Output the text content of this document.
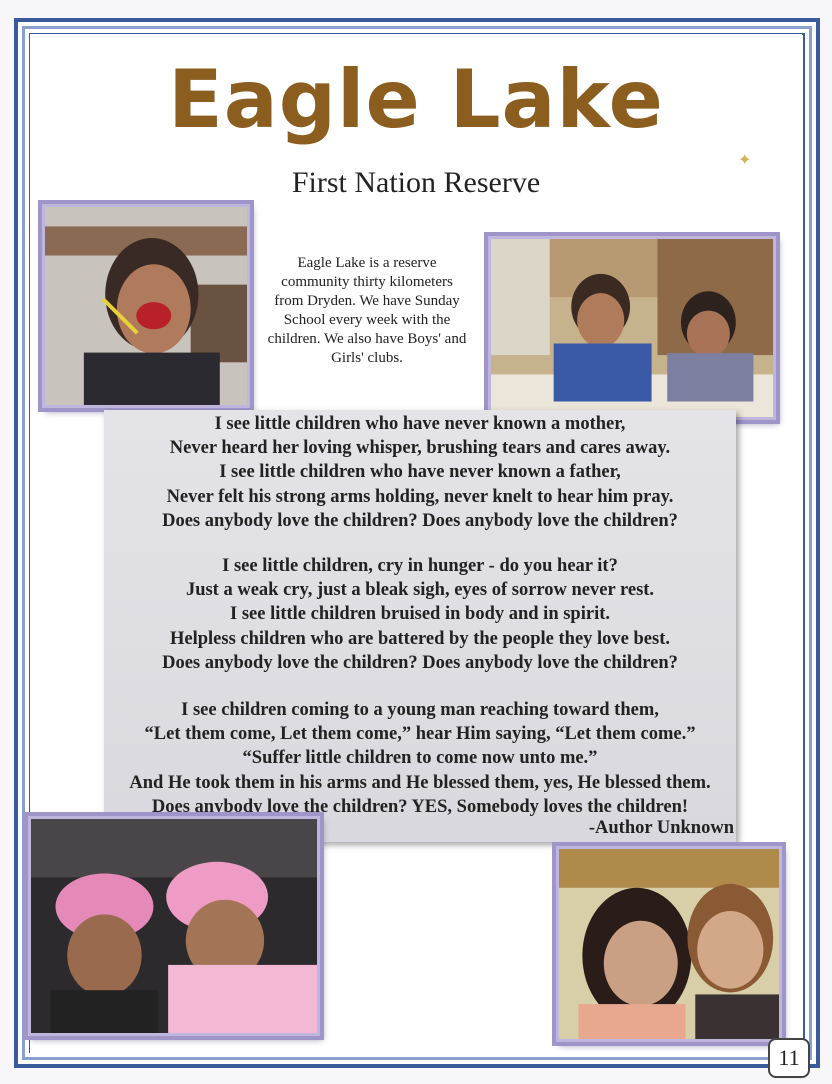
Eagle Lake
First Nation Reserve
✦
Eagle Lake is a reserve community thirty kilometers from Dryden. We have Sunday School every week with the children. We also have Boys' and Girls' clubs.
I see little children who have never known a mother,
Never heard her loving whisper, brushing tears and cares away.
I see little children who have never known a father,
Never felt his strong arms holding, never knelt to hear him pray.
Does anybody love the children? Does anybody love the children?
I see little children, cry in hunger - do you hear it?
Just a weak cry, just a bleak sigh, eyes of sorrow never rest.
I see little children bruised in body and in spirit.
Helpless children who are battered by the people they love best.
Does anybody love the children? Does anybody love the children?
I see children coming to a young man reaching toward them,
“Let them come, Let them come,” hear Him saying, “Let them come.”
“Suffer little children to come now unto me.”
And He took them in his arms and He blessed them, yes, He blessed them.
Does anybody love the children? YES, Somebody loves the children!
-Author Unknown
11
